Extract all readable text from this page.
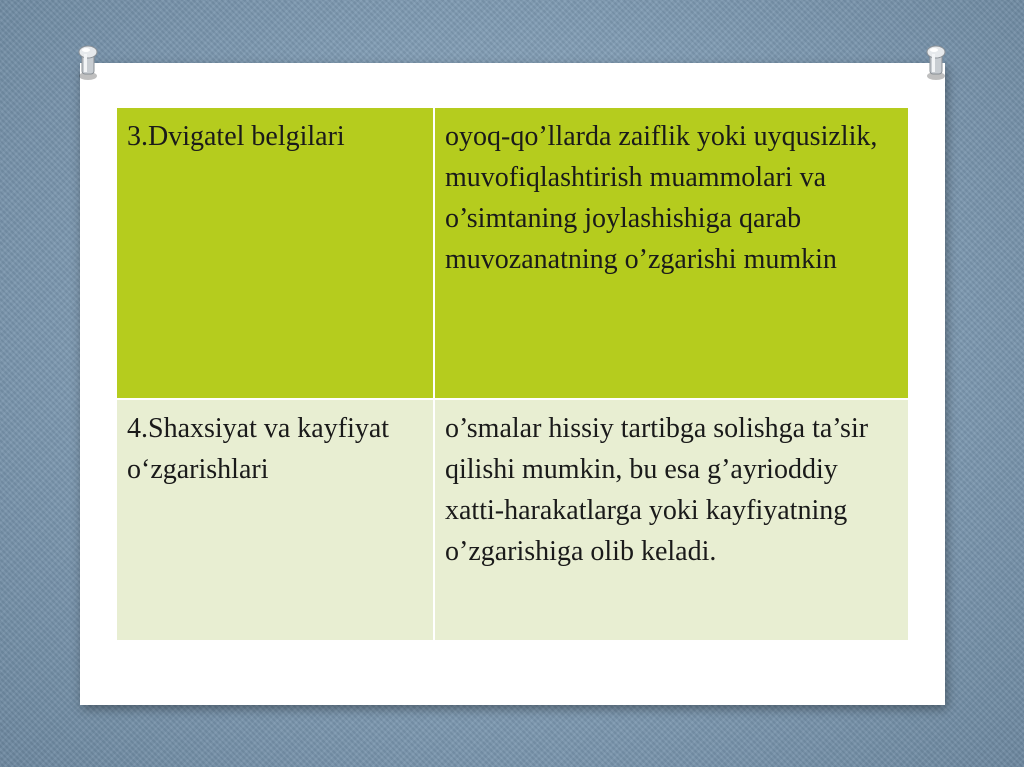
3.Dvigatel belgilari	oyoq-qo’llarda zaiflik yoki uyqusizlik, muvofiqlashtirish muammolari va o’simtaning joylashishiga qarab muvozanatning o’zgarishi mumkin

4.Shaxsiyat va kayfiyat o‘zgarishlari	o’smalar hissiy tartibga solishga ta’sir qilishi mumkin, bu esa g’ayrioddiy xatti-harakatlarga yoki kayfiyatning o’zgarishiga olib keladi.
